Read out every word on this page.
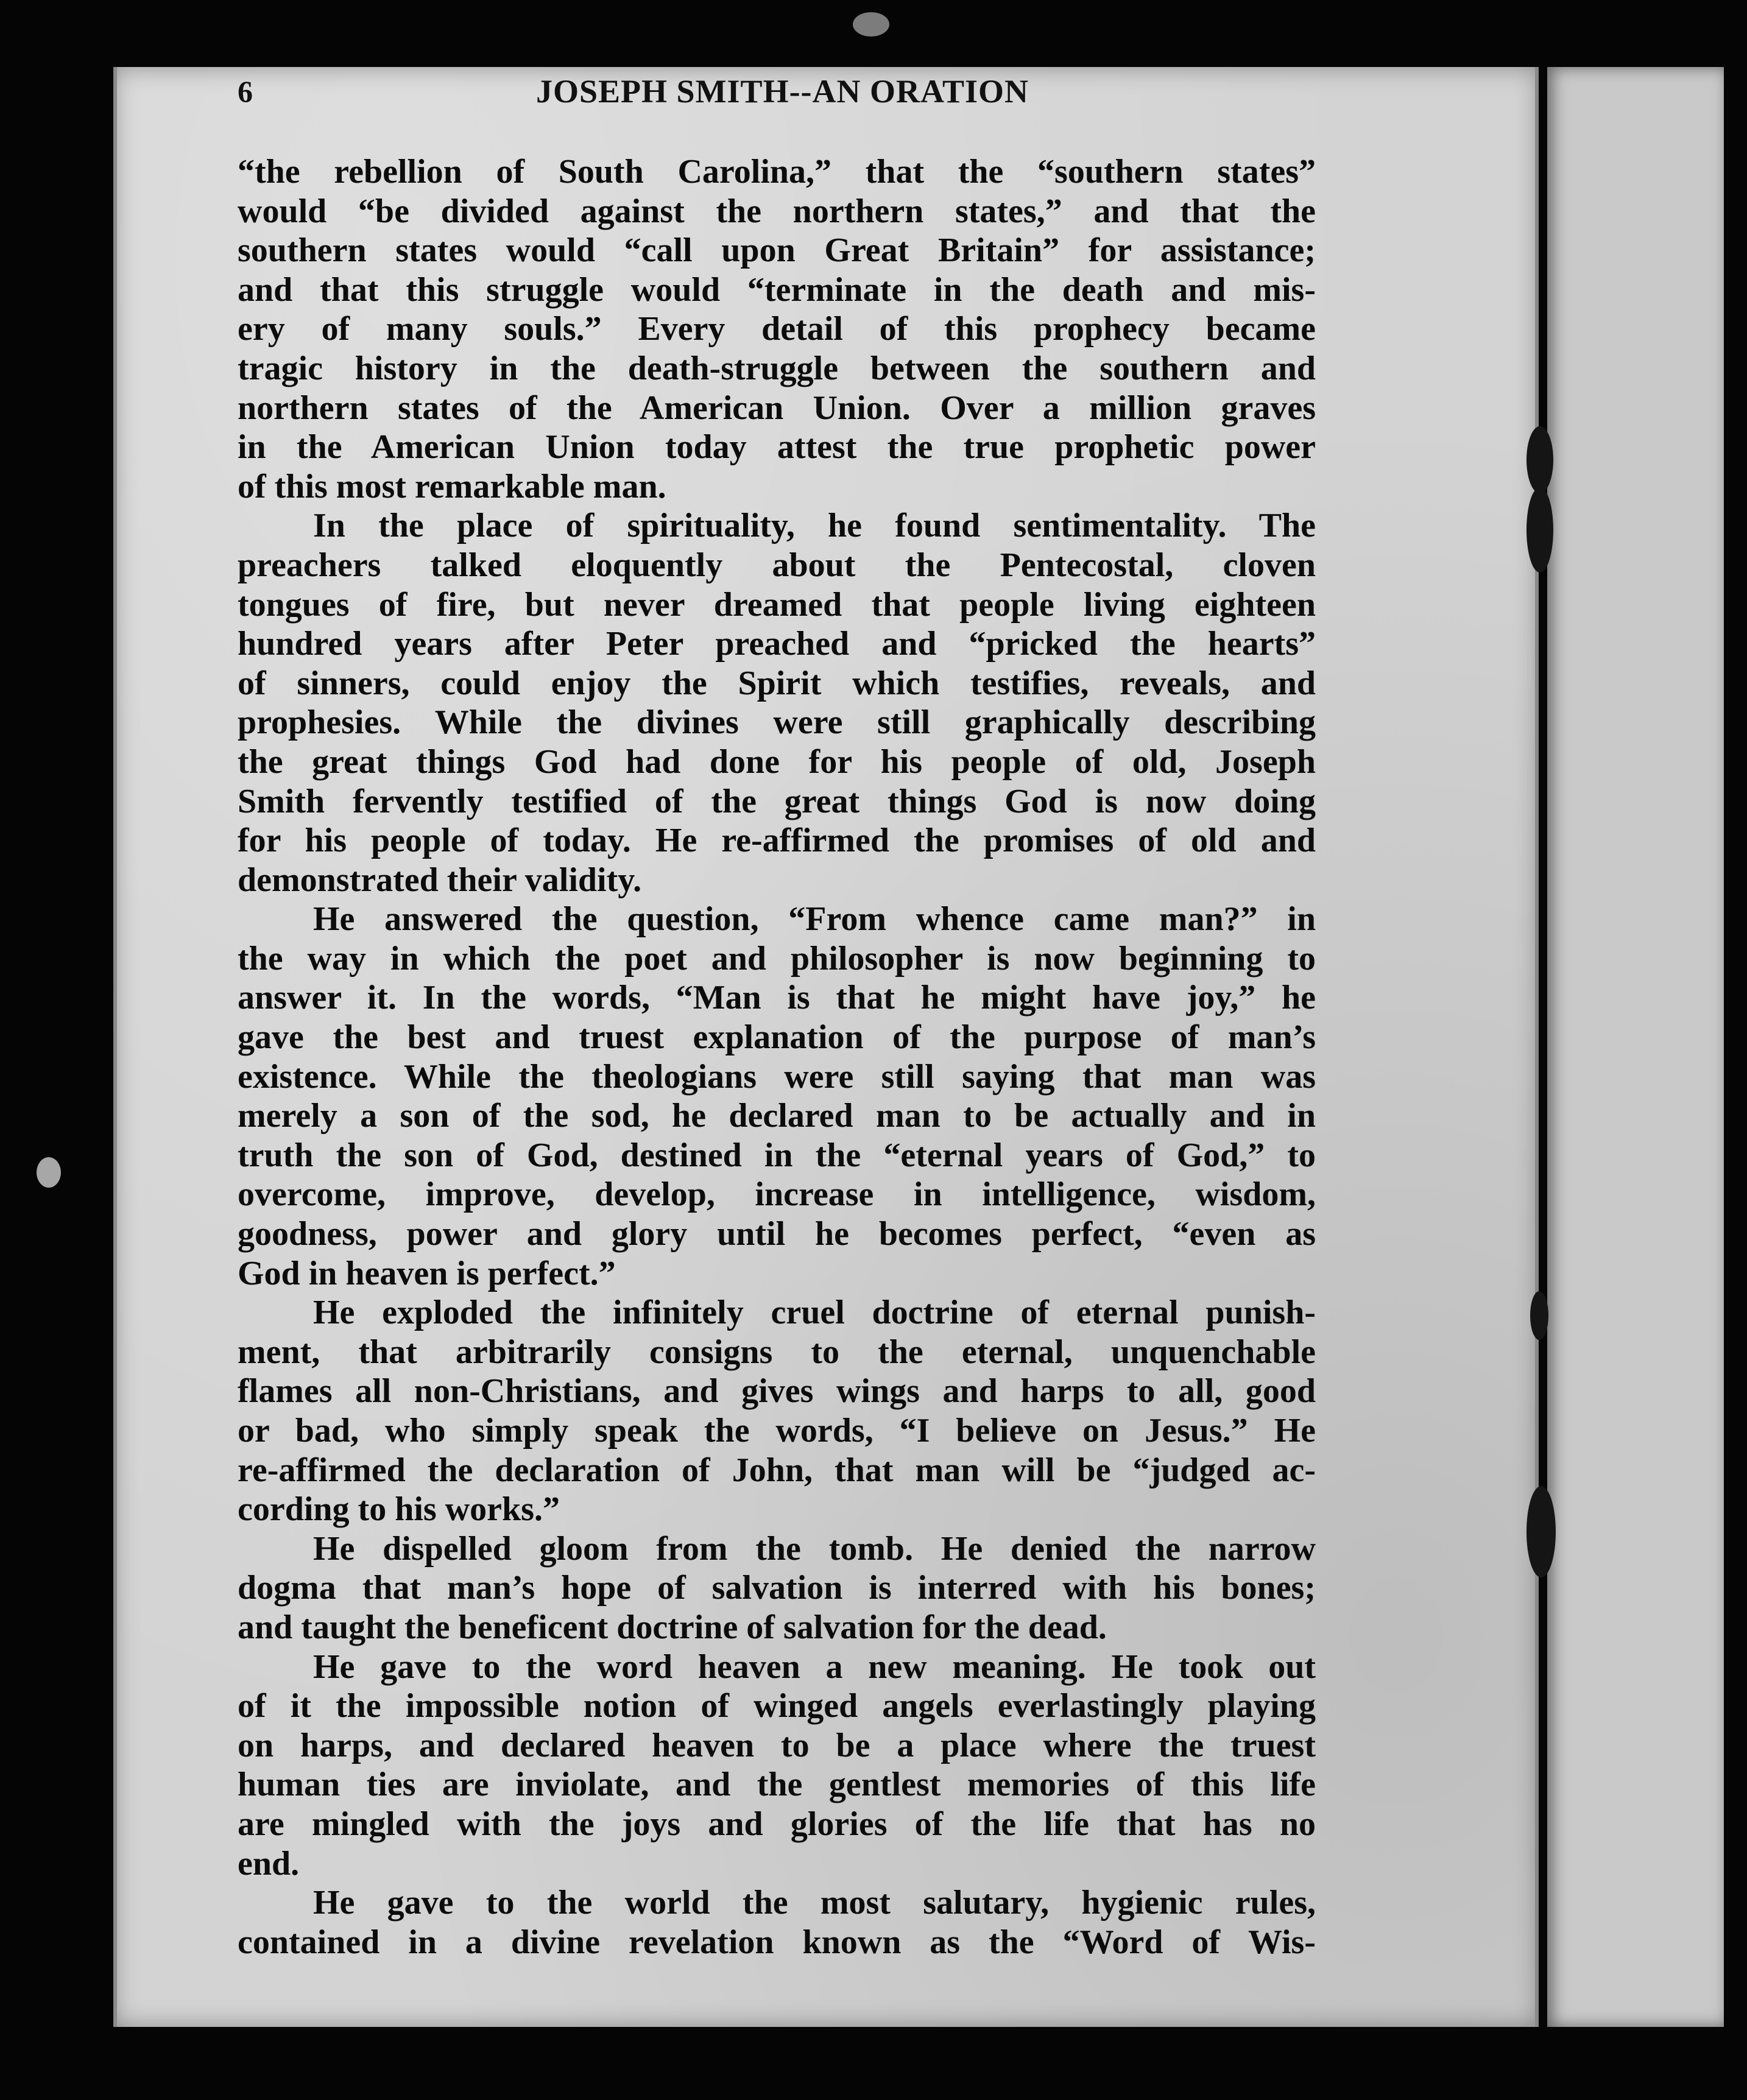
6	JOSEPH SMITH--AN ORATION
“the rebellion of South Carolina,” that the “southern states”
would “be divided against the northern states,” and that the
southern states would “call upon Great Britain” for assistance;
and that this struggle would “terminate in the death and mis-
ery of many souls.” Every detail of this prophecy became
tragic history in the death-struggle between the southern and
northern states of the American Union. Over a million graves
in the American Union today attest the true prophetic power
of this most remarkable man.
In the place of spirituality, he found sentimentality. The
preachers talked eloquently about the Pentecostal, cloven
tongues of fire, but never dreamed that people living eighteen
hundred years after Peter preached and “pricked the hearts”
of sinners, could enjoy the Spirit which testifies, reveals, and
prophesies. While the divines were still graphically describing
the great things God had done for his people of old, Joseph
Smith fervently testified of the great things God is now doing
for his people of today. He re-affirmed the promises of old and
demonstrated their validity.
He answered the question, “From whence came man?” in
the way in which the poet and philosopher is now beginning to
answer it. In the words, “Man is that he might have joy,” he
gave the best and truest explanation of the purpose of man’s
existence. While the theologians were still saying that man was
merely a son of the sod, he declared man to be actually and in
truth the son of God, destined in the “eternal years of God,” to
overcome, improve, develop, increase in intelligence, wisdom,
goodness, power and glory until he becomes perfect, “even as
God in heaven is perfect.”
He exploded the infinitely cruel doctrine of eternal punish-
ment, that arbitrarily consigns to the eternal, unquenchable
flames all non-Christians, and gives wings and harps to all, good
or bad, who simply speak the words, “I believe on Jesus.” He
re-affirmed the declaration of John, that man will be “judged ac-
cording to his works.”
He dispelled gloom from the tomb. He denied the narrow
dogma that man’s hope of salvation is interred with his bones;
and taught the beneficent doctrine of salvation for the dead.
He gave to the word heaven a new meaning. He took out
of it the impossible notion of winged angels everlastingly playing
on harps, and declared heaven to be a place where the truest
human ties are inviolate, and the gentlest memories of this life
are mingled with the joys and glories of the life that has no
end.
He gave to the world the most salutary, hygienic rules,
contained in a divine revelation known as the “Word of Wis-
